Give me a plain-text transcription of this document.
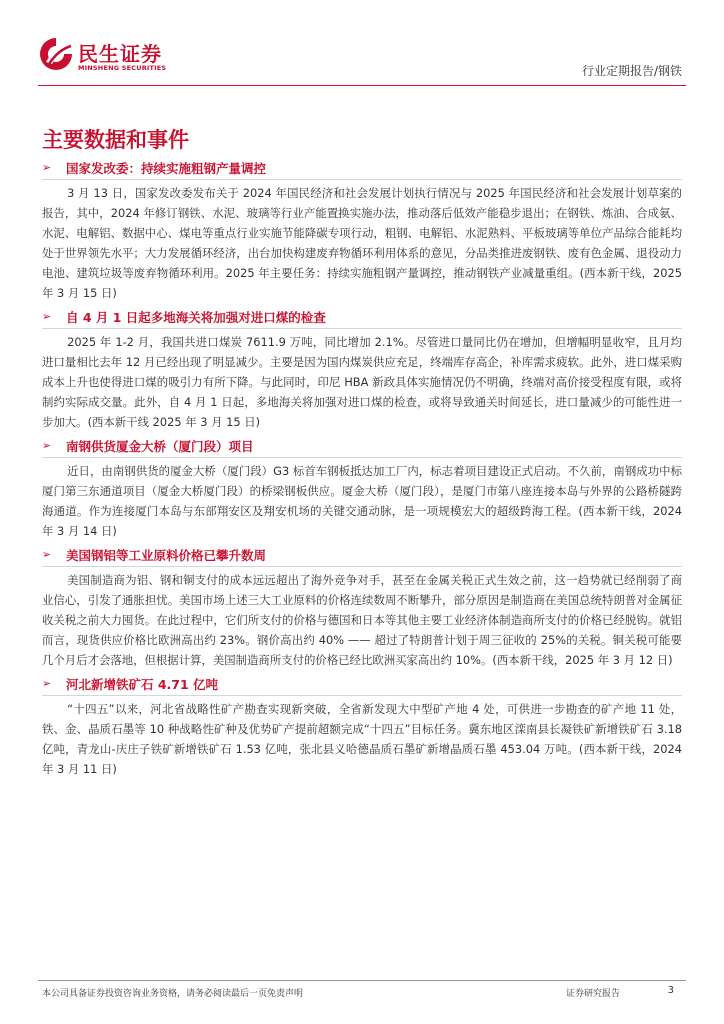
民生证券
MINSHENG SECURITIES	行业定期报告/钢铁
主要数据和事件
➢ 国家发改委：持续实施粗钢产量调控

3 月 13 日，国家发改委发布关于 2024 年国民经济和社会发展计划执行情况与 2025 年国民经济和社会发展计划草案的报告，其中，2024 年修订钢铁、水泥、玻璃等行业产能置换实施办法，推动落后低效产能稳步退出；在钢铁、炼油、合成氨、水泥、电解铝、数据中心、煤电等重点行业实施节能降碳专项行动，粗钢、电解铝、水泥熟料、平板玻璃等单位产品综合能耗均处于世界领先水平；大力发展循环经济，出台加快构建废弃物循环利用体系的意见，分品类推进废钢铁、废有色金属、退役动力电池、建筑垃圾等废弃物循环利用。2025 年主要任务：持续实施粗钢产量调控，推动钢铁产业减量重组。(西本新干线，2025 年 3 月 15 日)

➢ 自 4 月 1 日起多地海关将加强对进口煤的检查

2025 年 1-2 月，我国共进口煤炭 7611.9 万吨，同比增加 2.1%。尽管进口量同比仍在增加，但增幅明显收窄，且月均进口量相比去年 12 月已经出现了明显减少。主要是因为国内煤炭供应充足，终端库存高企，补库需求疲软。此外，进口煤采购成本上升也使得进口煤的吸引力有所下降。与此同时，印尼 HBA 新政具体实施情况仍不明确，终端对高价接受程度有限，或将制约实际成交量。此外，自 4 月 1 日起，多地海关将加强对进口煤的检查，或将导致通关时间延长，进口量减少的可能性进一步加大。(西本新干线 2025 年 3 月 15 日)

➢ 南钢供货厦金大桥（厦门段）项目

近日，由南钢供货的厦金大桥（厦门段）G3 标首车钢板抵达加工厂内，标志着项目建设正式启动。不久前，南钢成功中标厦门第三东通道项目（厦金大桥厦门段）的桥梁钢板供应。厦金大桥（厦门段），是厦门市第八座连接本岛与外界的公路桥隧跨海通道。作为连接厦门本岛与东部翔安区及翔安机场的关键交通动脉，是一项规模宏大的超级跨海工程。(西本新干线，2024 年 3 月 14 日)

➢ 美国钢铝等工业原料价格已攀升数周

美国制造商为铝、钢和铜支付的成本远远超出了海外竞争对手，甚至在金属关税正式生效之前，这一趋势就已经削弱了商业信心，引发了通胀担忧。美国市场上述三大工业原料的价格连续数周不断攀升，部分原因是制造商在美国总统特朗普对金属征收关税之前大力囤货。在此过程中，它们所支付的价格与德国和日本等其他主要工业经济体制造商所支付的价格已经脱钩。就铝而言，现货供应价格比欧洲高出约 23%。钢价高出约 40% —— 超过了特朗普计划于周三征收的 25%的关税。铜关税可能要几个月后才会落地，但根据计算，美国制造商所支付的价格已经比欧洲买家高出约 10%。(西本新干线，2025 年 3 月 12 日)

➢ 河北新增铁矿石 4.71 亿吨

“十四五”以来，河北省战略性矿产勘查实现新突破，全省新发现大中型矿产地 4 处，可供进一步勘查的矿产地 11 处，铁、金、晶质石墨等 10 种战略性矿种及优势矿产提前超额完成“十四五”目标任务。冀东地区滦南县长凝铁矿新增铁矿石 3.18 亿吨，青龙山-庆庄子铁矿新增铁矿石 1.53 亿吨，张北县义哈德晶质石墨矿新增晶质石墨 453.04 万吨。(西本新干线，2024 年 3 月 11 日)

本公司具备证券投资咨询业务资格，请务必阅读最后一页免责声明	证券研究报告	3
